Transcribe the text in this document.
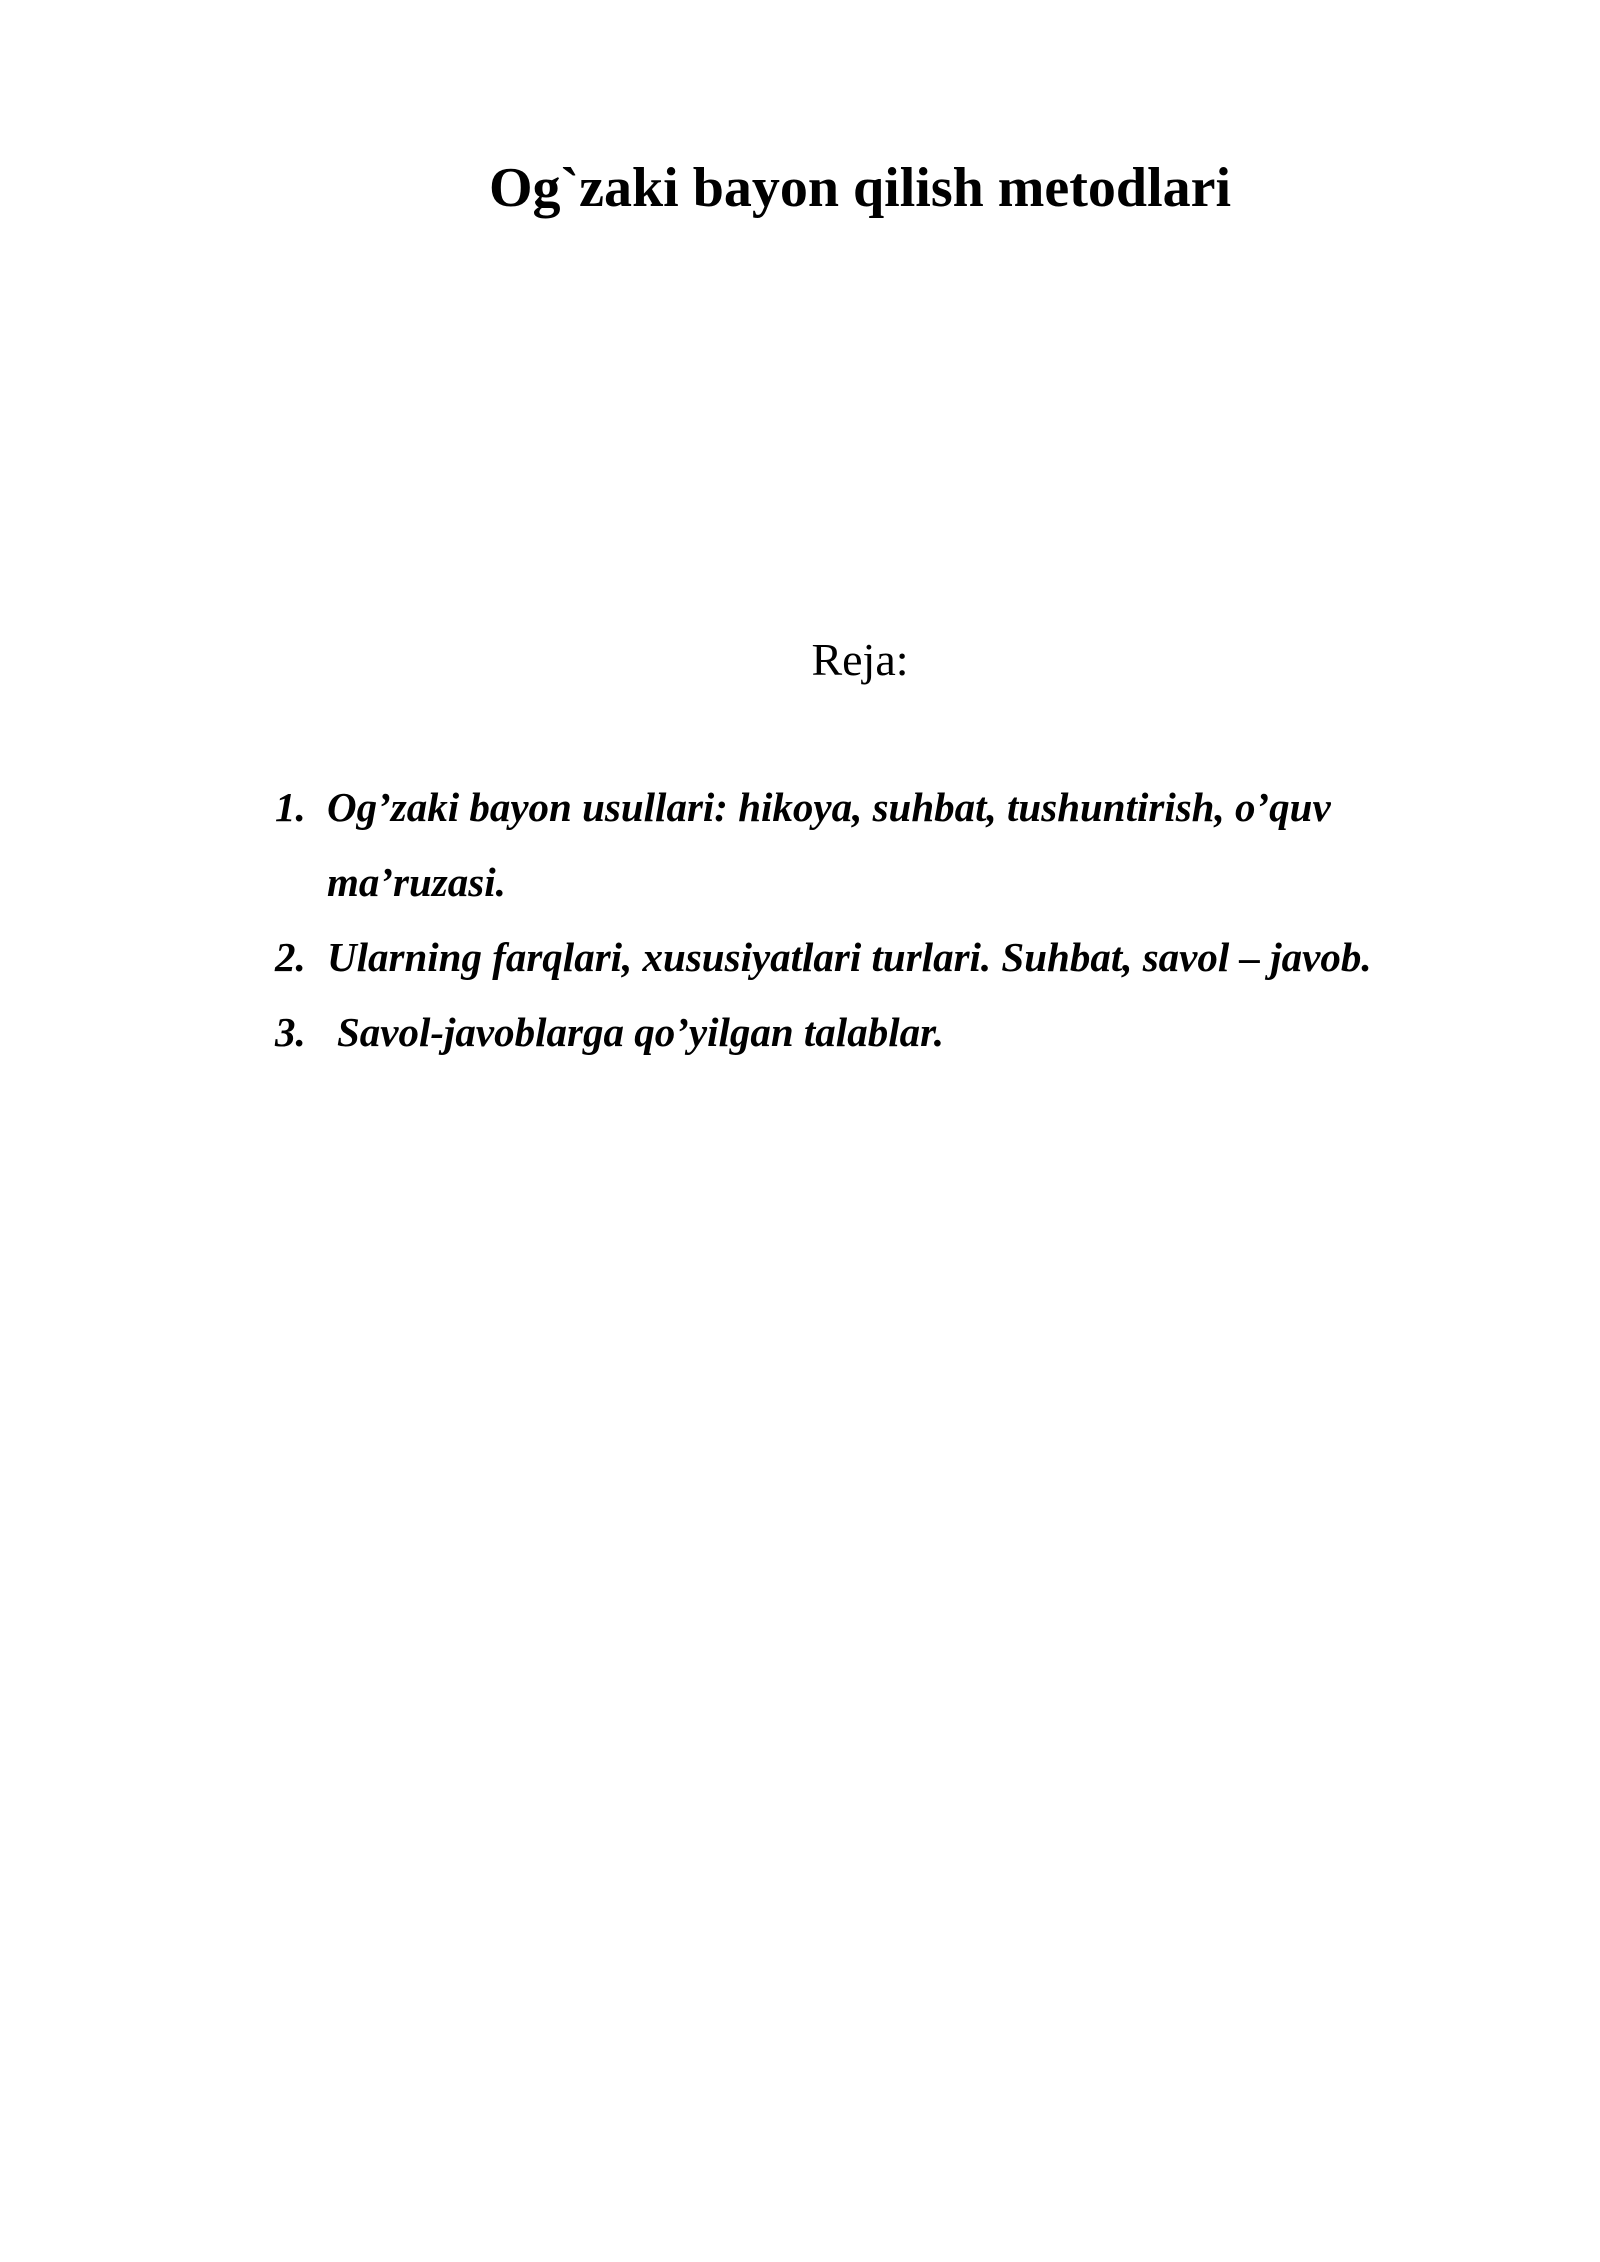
Og`zaki bayon qilish metodlari
Reja:
1. Og’zaki bayon usullari: hikoya, suhbat, tushuntirish, o’quv ma’ruzasi.
2. Ularning farqlari, xususiyatlari turlari. Suhbat, savol – javob.
3. Savol-javoblarga qo’yilgan talablar.
